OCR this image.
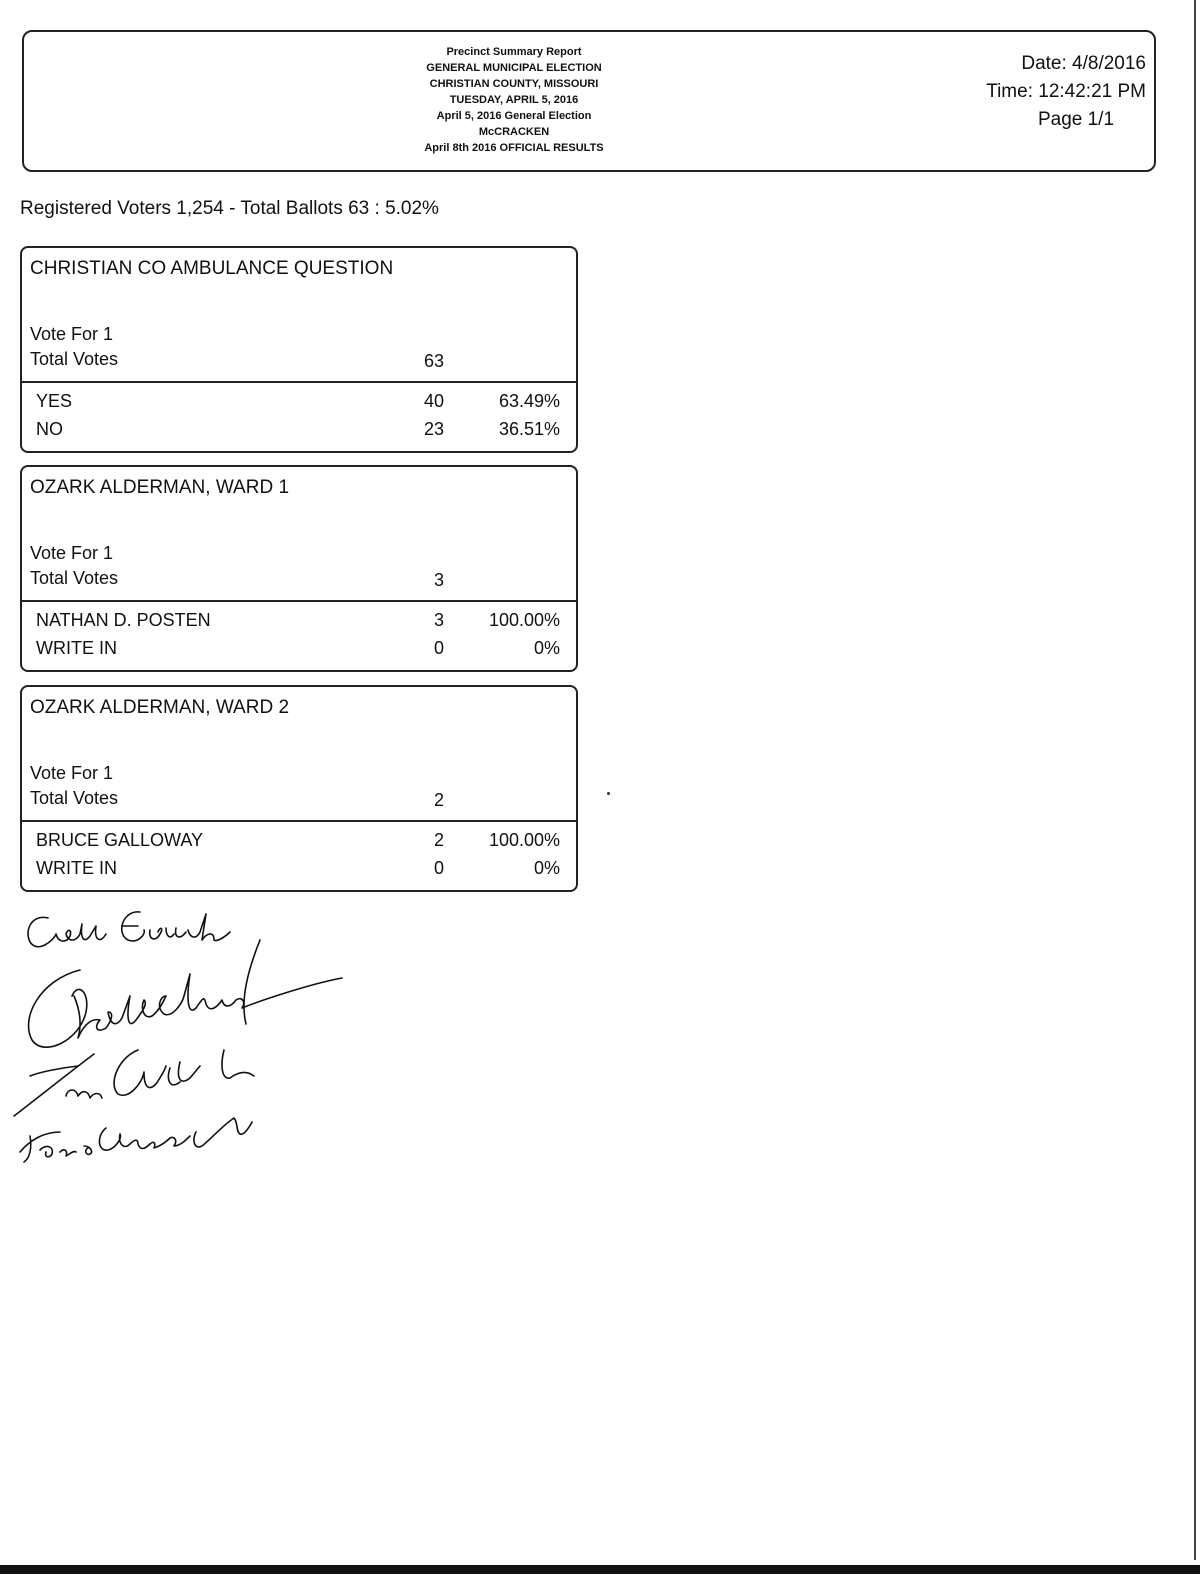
Precinct Summary Report
GENERAL MUNICIPAL ELECTION
CHRISTIAN COUNTY, MISSOURI
TUESDAY, APRIL 5, 2016
April 5, 2016 General Election
McCRACKEN
April 8th 2016 OFFICIAL RESULTS
Date: 4/8/2016
Time: 12:42:21 PM
Page 1/1
Registered Voters 1,254 - Total Ballots 63 : 5.02%
CHRISTIAN CO AMBULANCE QUESTION
Vote For 1
Total Votes	63
YES	40	63.49%
NO	23	36.51%
OZARK ALDERMAN, WARD 1
Vote For 1
Total Votes	3
NATHAN D. POSTEN	3 100.00%
WRITE IN	0	0%
OZARK ALDERMAN, WARD 2
Vote For 1
Total Votes	2
BRUCE GALLOWAY	2 100.00%
WRITE IN	0	0%
